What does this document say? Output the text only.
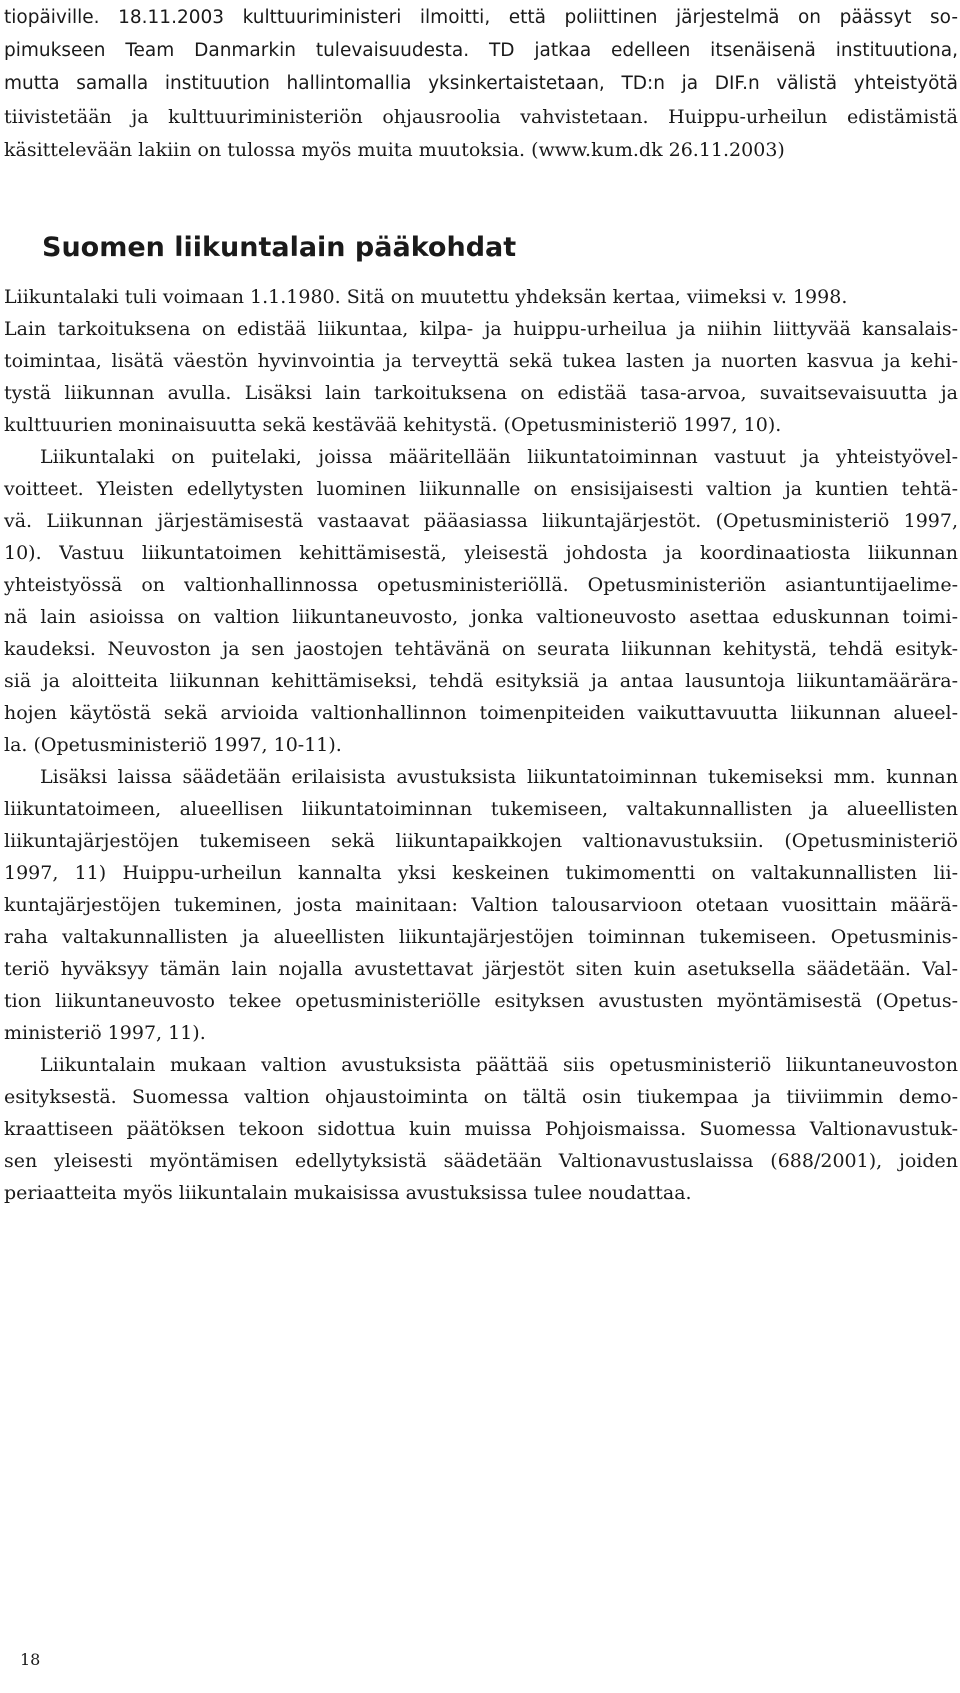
tiopäiville. 18.11.2003 kulttuuriministeri ilmoitti, että poliittinen järjestelmä on päässyt so-
pimukseen Team Danmarkin tulevaisuudesta. TD jatkaa edelleen itsenäisenä instituutiona,
mutta samalla instituution hallintomallia yksinkertaistetaan, TD:n ja DIF.n välistä yhteistyötä
tiivistetään ja kulttuuriministeriön ohjausroolia vahvistetaan. Huippu-urheilun edistämistä
käsittelevään lakiin on tulossa myös muita muutoksia. (www.kum.dk 26.11.2003)
Suomen liikuntalain pääkohdat
Liikuntalaki tuli voimaan 1.1.1980. Sitä on muutettu yhdeksän kertaa, viimeksi v. 1998.
Lain tarkoituksena on edistää liikuntaa, kilpa- ja huippu-urheilua ja niihin liittyvää kansalais-
toimintaa, lisätä väestön hyvinvointia ja terveyttä sekä tukea lasten ja nuorten kasvua ja kehi-
tystä liikunnan avulla. Lisäksi lain tarkoituksena on edistää tasa-arvoa, suvaitsevaisuutta ja
kulttuurien moninaisuutta sekä kestävää kehitystä. (Opetusministeriö 1997, 10).
Liikuntalaki on puitelaki, joissa määritellään liikuntatoiminnan vastuut ja yhteistyövel-
voitteet. Yleisten edellytysten luominen liikunnalle on ensisijaisesti valtion ja kuntien tehtä-
vä. Liikunnan järjestämisestä vastaavat pääasiassa liikuntajärjestöt. (Opetusministeriö 1997,
10). Vastuu liikuntatoimen kehittämisestä, yleisestä johdosta ja koordinaatiosta liikunnan
yhteistyössä on valtionhallinnossa opetusministeriöllä. Opetusministeriön asiantuntijaelime-
nä lain asioissa on valtion liikuntaneuvosto, jonka valtioneuvosto asettaa eduskunnan toimi-
kaudeksi. Neuvoston ja sen jaostojen tehtävänä on seurata liikunnan kehitystä, tehdä esityk-
siä ja aloitteita liikunnan kehittämiseksi, tehdä esityksiä ja antaa lausuntoja liikuntamäärära-
hojen käytöstä sekä arvioida valtionhallinnon toimenpiteiden vaikuttavuutta liikunnan alueel-
la. (Opetusministeriö 1997, 10-11).
Lisäksi laissa säädetään erilaisista avustuksista liikuntatoiminnan tukemiseksi mm. kunnan
liikuntatoimeen, alueellisen liikuntatoiminnan tukemiseen, valtakunnallisten ja alueellisten
liikuntajärjestöjen tukemiseen sekä liikuntapaikkojen valtionavustuksiin. (Opetusministeriö
1997, 11) Huippu-urheilun kannalta yksi keskeinen tukimomentti on valtakunnallisten lii-
kuntajärjestöjen tukeminen, josta mainitaan: Valtion talousarvioon otetaan vuosittain määrä-
raha valtakunnallisten ja alueellisten liikuntajärjestöjen toiminnan tukemiseen. Opetusminis-
teriö hyväksyy tämän lain nojalla avustettavat järjestöt siten kuin asetuksella säädetään. Val-
tion liikuntaneuvosto tekee opetusministeriölle esityksen avustusten myöntämisestä (Opetus-
ministeriö 1997, 11).
Liikuntalain mukaan valtion avustuksista päättää siis opetusministeriö liikuntaneuvoston
esityksestä. Suomessa valtion ohjaustoiminta on tältä osin tiukempaa ja tiiviimmin demo-
kraattiseen päätöksen tekoon sidottua kuin muissa Pohjoismaissa. Suomessa Valtionavustuk-
sen yleisesti myöntämisen edellytyksistä säädetään Valtionavustuslaissa (688/2001), joiden
periaatteita myös liikuntalain mukaisissa avustuksissa tulee noudattaa.
18
